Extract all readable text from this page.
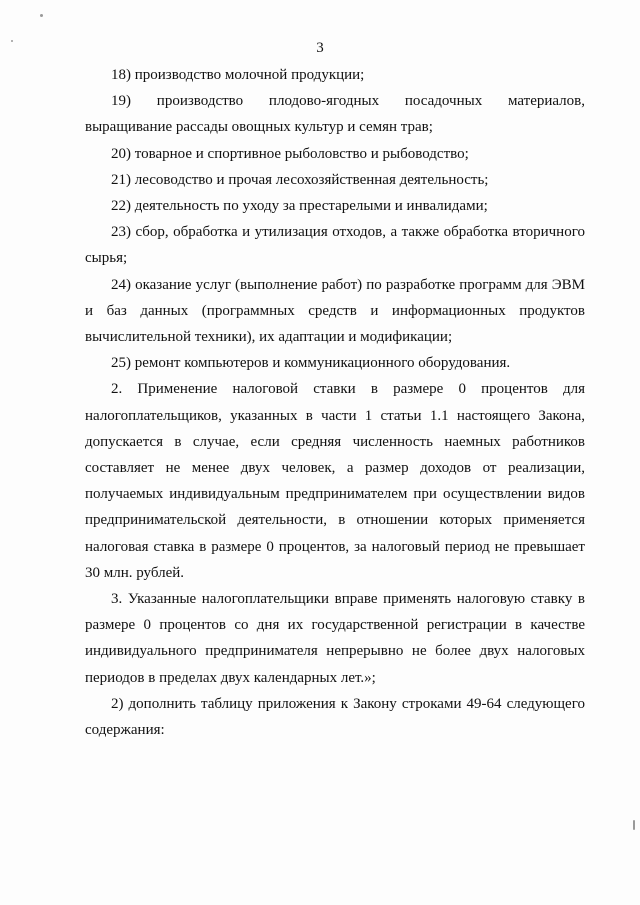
3

18) производство молочной продукции;

19) производство плодово-ягодных посадочных материалов, выращивание рассады овощных культур и семян трав;

20) товарное и спортивное рыболовство и рыбоводство;

21) лесоводство и прочая лесохозяйственная деятельность;

22) деятельность по уходу за престарелыми и инвалидами;

23) сбор, обработка и утилизация отходов, а также обработка вторичного сырья;

24) оказание услуг (выполнение работ) по разработке программ для ЭВМ и баз данных (программных средств и информационных продуктов вычислительной техники), их адаптации и модификации;

25) ремонт компьютеров и коммуникационного оборудования.

2. Применение налоговой ставки в размере 0 процентов для налогоплательщиков, указанных в части 1 статьи 1.1 настоящего Закона, допускается в случае, если средняя численность наемных работников составляет не менее двух человек, а размер доходов от реализации, получаемых индивидуальным предпринимателем при осуществлении видов предпринимательской деятельности, в отношении которых применяется налоговая ставка в размере 0 процентов, за налоговый период не превышает 30 млн. рублей.

3. Указанные налогоплательщики вправе применять налоговую ставку в размере 0 процентов со дня их государственной регистрации в качестве индивидуального предпринимателя непрерывно не более двух налоговых периодов в пределах двух календарных лет.»;

2) дополнить таблицу приложения к Закону строками 49-64 следующего содержания:
